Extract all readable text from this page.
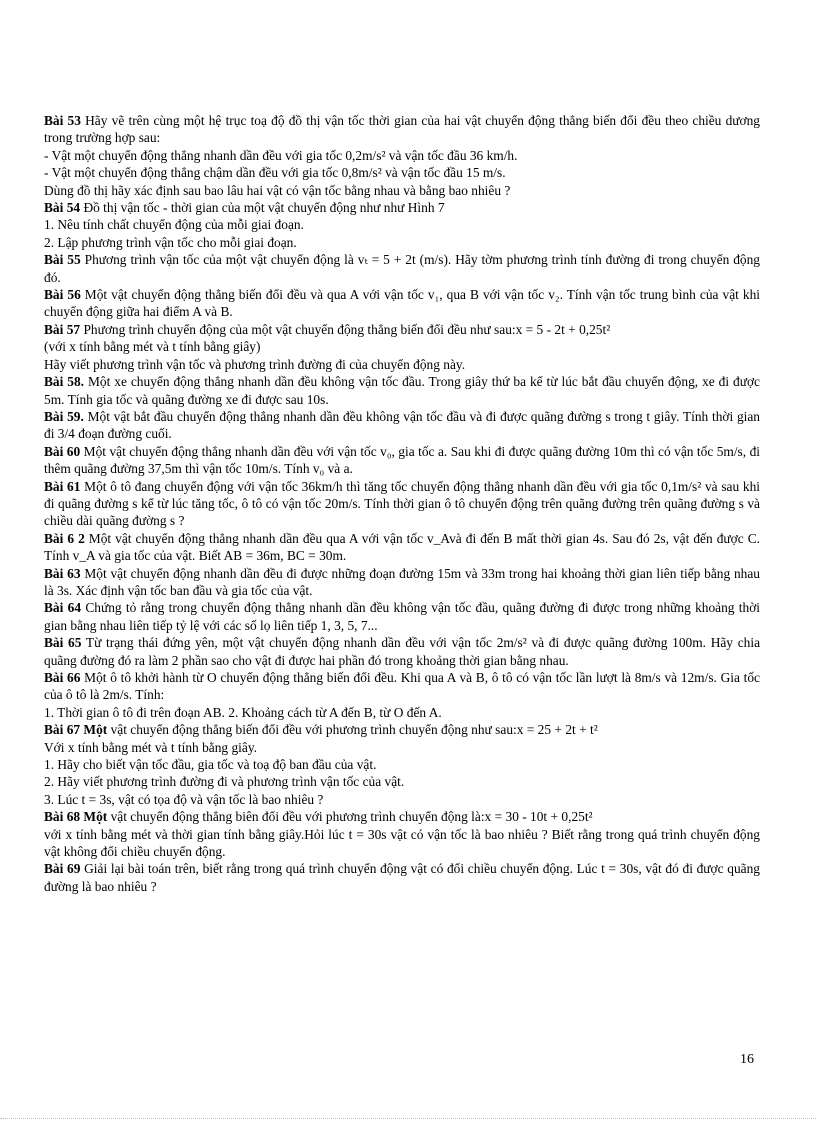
Bài 53 Hãy vẽ trên cùng một hệ trục toạ độ đồ thị vận tốc thời gian của hai vật chuyển động thẳng biến đổi đều theo chiều dương trong trường hợp sau:

- Vật một chuyển động thẳng nhanh dần đều với gia tốc 0,2m/s² và vận tốc đầu 36 km/h.

- Vật một chuyển động thẳng chậm dần đều với gia tốc 0,8m/s² và vận tốc đầu 15 m/s.

Dùng đồ thị hãy xác định sau bao lâu hai vật có vận tốc bằng nhau và bằng bao nhiêu ?

Bài 54 Đồ thị vận tốc - thời gian của một vật chuyển động như như Hình 7

1. Nêu tính chất chuyển động của mỗi giai đoạn.

2. Lập phương trình vận tốc cho mỗi giai đoạn.

Bài 55 Phương trình vận tốc của một vật chuyển động là vₜ = 5 + 2t (m/s). Hãy tờm phương trình tính đường đi trong chuyển động đó.

Bài 56 Một vật chuyển động thẳng biến đổi đều và qua A với vận tốc v₁, qua B với vận tốc v₂. Tính vận tốc trung bình của vật khi chuyển động giữa hai điểm A và B.

Bài 57 Phương trình chuyển động của một vật chuyển động thẳng biến đổi đều như sau:x = 5 - 2t + 0,25t²

(với x tính bằng mét và t tính bằng giây)

Hãy viết phương trình vận tốc và phương trình đường đi của chuyển động này.

Bài 58. Một xe chuyển động thẳng nhanh dần đều không vận tốc đầu. Trong giây thứ ba kể từ lúc bắt đầu chuyển động, xe đi được 5m. Tính gia tốc và quãng đường xe đi được sau 10s.

Bài 59. Một vật bắt đầu chuyển động thẳng nhanh dần đều không vận tốc đầu và đi được quãng đường s trong t giây. Tính thời gian đi 3/4 đoạn đường cuối.

Bài 60 Một vật chuyển động thẳng nhanh dần đều với vận tốc v₀, gia tốc a. Sau khi đi được quãng đường 10m thì có vận tốc 5m/s, đi thêm quãng đường 37,5m thì vận tốc 10m/s. Tính v₀ và a.

Bài 61 Một ô tô đang chuyển động với vận tốc 36km/h thì tăng tốc chuyển động thẳng nhanh dần đều với gia tốc 0,1m/s² và sau khi đi quãng đường s kể từ lúc tăng tốc, ô tô có vận tốc 20m/s. Tính thời gian ô tô chuyển động trên quãng đường trên quãng đường s và chiều dài quãng đường s ?

Bài 6 2 Một vật chuyển động thẳng nhanh dần đều qua A với vận tốc v_Avà đi đến B mất thời gian 4s. Sau đó 2s, vật đến được C. Tính v_A và gia tốc của vật. Biết AB = 36m, BC = 30m.

Bài 63 Một vật chuyển động nhanh dần đều đi được những đoạn đường 15m và 33m trong hai khoảng thời gian liên tiếp bằng nhau là 3s. Xác định vận tốc ban đầu và gia tốc của vật.

Bài 64 Chứng tỏ rằng trong chuyển động thẳng nhanh dần đều không vận tốc đầu, quãng đường đi được trong những khoảng thời gian bằng nhau liên tiếp tỷ lệ với các số lọ liên tiếp 1, 3, 5, 7...

Bài 65 Từ trạng thái đứng yên, một vật chuyển động nhanh dần đều với vận tốc 2m/s² và đi được quãng đường 100m. Hãy chia quãng đường đó ra làm 2 phần sao cho vật đi được hai phần đó trong khoảng thời gian bằng nhau.

Bài 66 Một ô tô khởi hành từ O chuyển động thẳng biến đổi đều. Khi qua A và B, ô tô có vận tốc lần lượt là 8m/s và 12m/s. Gia tốc của ô tô là 2m/s. Tính:

1. Thời gian ô tô đi trên đoạn AB. 2. Khoảng cách từ A đến B, từ O đến A.

Bài 67 Một vật chuyển động thẳng biến đổi đều với phương trình chuyển động như sau:x = 25 + 2t + t²

Với x tính bằng mét và t tính bằng giây.

1. Hãy cho biết vận tốc đầu, gia tốc và toạ độ ban đầu của vật.

2. Hãy viết phương trình đường đi và phương trình vận tốc của vật.

3. Lúc t = 3s, vật có tọa độ và vận tốc là bao nhiêu ?

Bài 68 Một vật chuyển động thẳng biên đổi đều với phương trình chuyển động là:x = 30 - 10t + 0,25t²

với x tính bằng mét và thời gian tính bằng giây.Hỏi lúc t = 30s vật có vận tốc là bao nhiêu ? Biết rằng trong quá trình chuyển động vật không đổi chiều chuyển động.

Bài 69 Giải lại bài toán trên, biết rằng trong quá trình chuyển động vật có đổi chiều chuyển động. Lúc t = 30s, vật đó đi được quãng đường là bao nhiêu ?

16
